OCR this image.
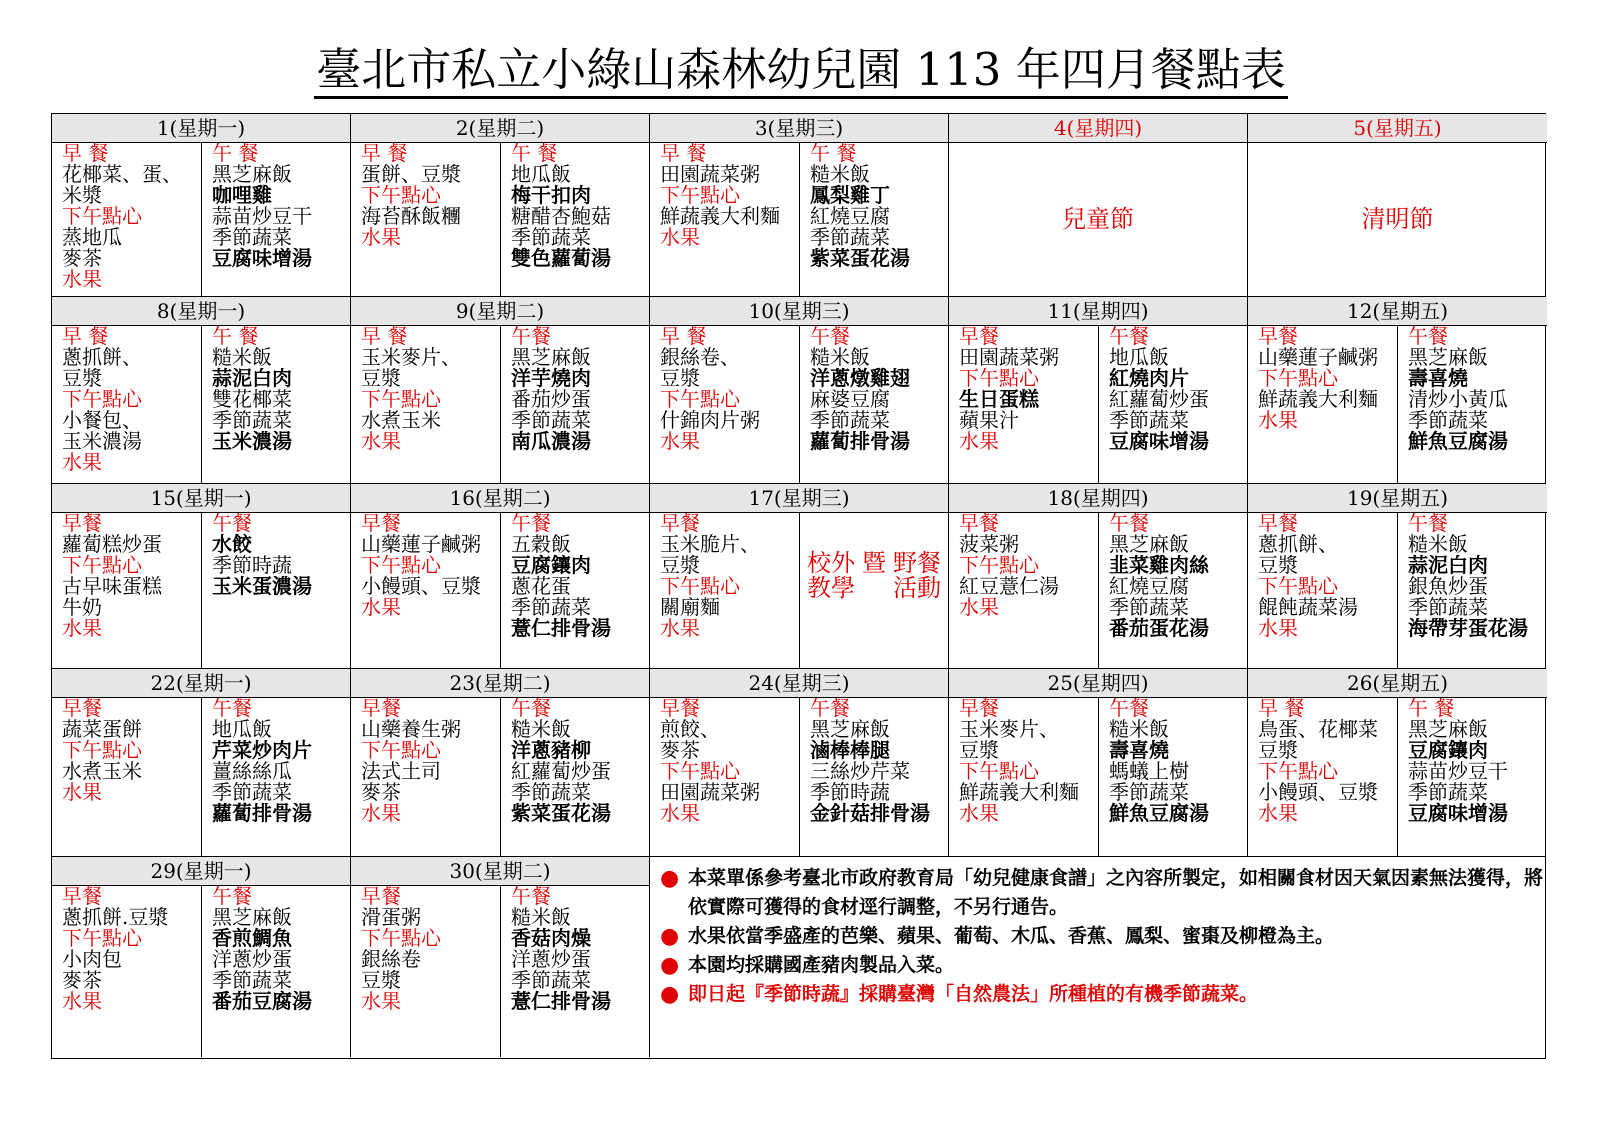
臺北市私立小綠山森林幼兒園 113 年四月餐點表
1(星期一)
早 餐
花椰菜、蛋、
米漿
下午點心
蒸地瓜
麥茶
水果
午 餐
黑芝麻飯
咖哩雞
蒜苗炒豆干
季節蔬菜
豆腐味增湯
2(星期二)
早 餐
蛋餅、豆漿
下午點心
海苔酥飯糰
水果
午 餐
地瓜飯
梅干扣肉
糖醋杏鮑菇
季節蔬菜
雙色蘿蔔湯
3(星期三)
早 餐
田園蔬菜粥
下午點心
鮮蔬義大利麵
水果
午 餐
糙米飯
鳳梨雞丁
紅燒豆腐
季節蔬菜
紫菜蛋花湯
4(星期四)
兒童節
5(星期五)
清明節
8(星期一)
早 餐
蔥抓餅、
豆漿
下午點心
小餐包、
玉米濃湯
水果
午 餐
糙米飯
蒜泥白肉
雙花椰菜
季節蔬菜
玉米濃湯
9(星期二)
早 餐
玉米麥片、
豆漿
下午點心
水煮玉米
水果
午餐
黑芝麻飯
洋芋燒肉
番茄炒蛋
季節蔬菜
南瓜濃湯
10(星期三)
早 餐
銀絲卷、
豆漿
下午點心
什錦肉片粥
水果
午餐
糙米飯
洋蔥燉雞翅
麻婆豆腐
季節蔬菜
蘿蔔排骨湯
11(星期四)
早餐
田園蔬菜粥
下午點心
生日蛋糕
蘋果汁
水果
午餐
地瓜飯
紅燒肉片
紅蘿蔔炒蛋
季節蔬菜
豆腐味增湯
12(星期五)
早餐
山藥蓮子鹹粥
下午點心
鮮蔬義大利麵
水果
午餐
黑芝麻飯
壽喜燒
清炒小黃瓜
季節蔬菜
鮮魚豆腐湯
15(星期一)
早餐
蘿蔔糕炒蛋
下午點心
古早味蛋糕
牛奶
水果
午餐
水餃
季節時蔬
玉米蛋濃湯
16(星期二)
早餐
山藥蓮子鹹粥
下午點心
小饅頭、豆漿
水果
午餐
五穀飯
豆腐鑲肉
蔥花蛋
季節蔬菜
薏仁排骨湯
17(星期三)
早餐
玉米脆片、
豆漿
下午點心
關廟麵
水果
校外教學
暨 野餐活動
18(星期四)
早餐
菠菜粥
下午點心
紅豆薏仁湯
水果
午餐
黑芝麻飯
韭菜雞肉絲
紅燒豆腐
季節蔬菜
番茄蛋花湯
19(星期五)
早餐
蔥抓餅、
豆漿
下午點心
餛飩蔬菜湯
水果
午餐
糙米飯
蒜泥白肉
銀魚炒蛋
季節蔬菜
海帶芽蛋花湯
22(星期一)
早餐
蔬菜蛋餅
下午點心
水煮玉米
水果
午餐
地瓜飯
芹菜炒肉片
薑絲絲瓜
季節蔬菜
蘿蔔排骨湯
23(星期二)
早餐
山藥養生粥
下午點心
法式土司
麥茶
水果
午餐
糙米飯
洋蔥豬柳
紅蘿蔔炒蛋
季節蔬菜
紫菜蛋花湯
24(星期三)
早餐
煎餃、
麥茶
下午點心
田園蔬菜粥
水果
午餐
黑芝麻飯
滷棒棒腿
三絲炒芹菜
季節時蔬
金針菇排骨湯
25(星期四)
早餐
玉米麥片、
豆漿
下午點心
鮮蔬義大利麵
水果
午餐
糙米飯
壽喜燒
螞蟻上樹
季節蔬菜
鮮魚豆腐湯
26(星期五)
早 餐
鳥蛋、花椰菜
豆漿
下午點心
小饅頭、豆漿
水果
午 餐
黑芝麻飯
豆腐鑲肉
蒜苗炒豆干
季節蔬菜
豆腐味增湯
29(星期一)
早餐
蔥抓餅.豆漿
下午點心
小肉包
麥茶
水果
午餐
黑芝麻飯
香煎鯛魚
洋蔥炒蛋
季節蔬菜
番茄豆腐湯
30(星期二)
早餐
滑蛋粥
下午點心
銀絲卷
豆漿
水果
午餐
糙米飯
香菇肉燥
洋蔥炒蛋
季節蔬菜
薏仁排骨湯
● 本菜單係參考臺北市政府教育局「幼兒健康食譜」之內容所製定，如相關食材因天氣因素無法獲得，將依實際可獲得的食材逕行調整，不另行通告。
● 水果依當季盛產的芭樂、蘋果、葡萄、木瓜、香蕉、鳳梨、蜜棗及柳橙為主。
● 本園均採購國產豬肉製品入菜。
● 即日起『季節時蔬』採購臺灣「自然農法」所種植的有機季節蔬菜。
